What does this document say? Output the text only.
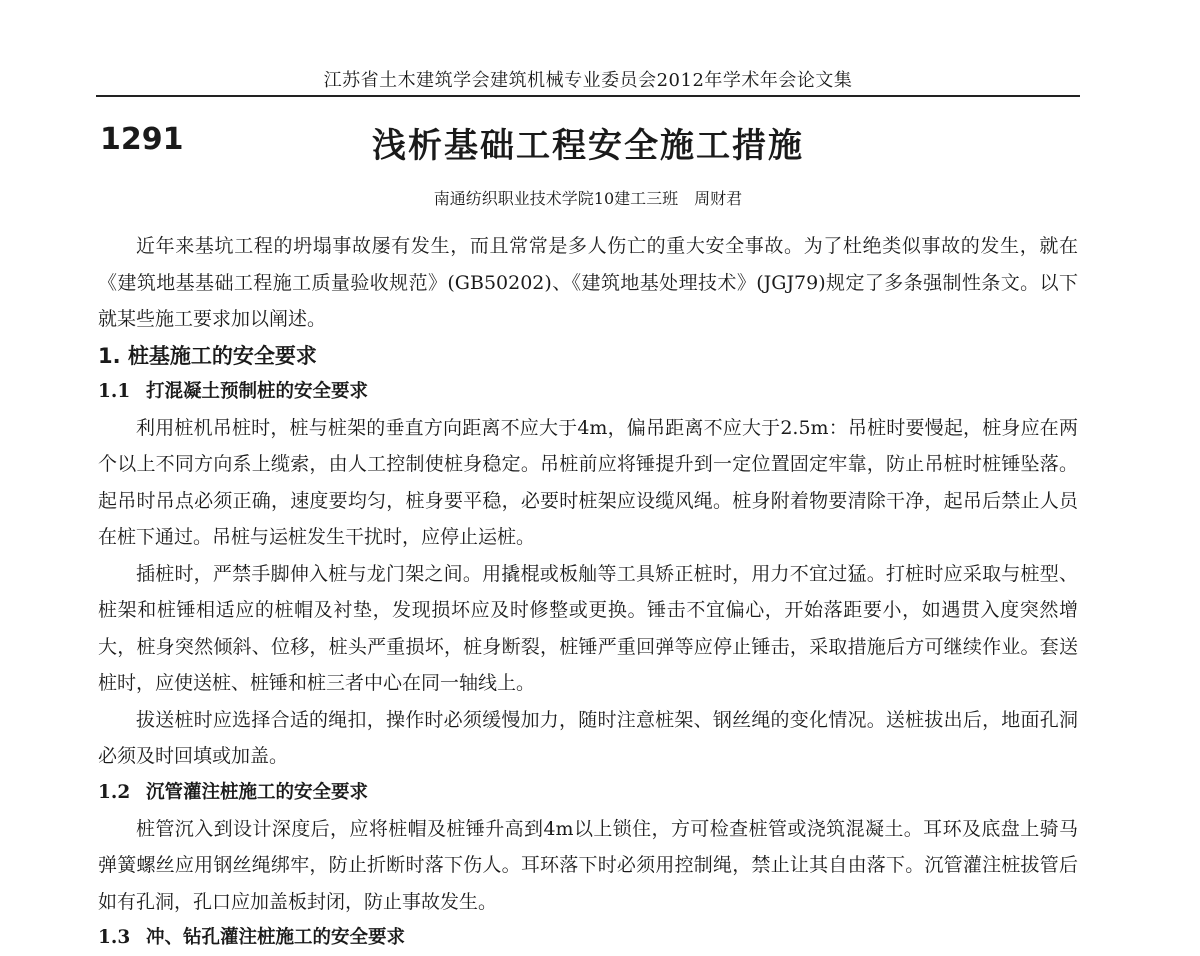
江苏省土木建筑学会建筑机械专业委员会2012年学术年会论文集
1291	浅析基础工程安全施工措施
南通纺织职业技术学院10建工三班 周财君

近年来基坑工程的坍塌事故屡有发生，而且常常是多人伤亡的重大安全事故。为了杜绝类似事故的发生，就在《建筑地基基础工程施工质量验收规范》(GB50202)、《建筑地基处理技术》(JGJ79)规定了多条强制性条文。以下就某些施工要求加以阐述。

1. 桩基施工的安全要求
1.1 打混凝土预制桩的安全要求

利用桩机吊桩时，桩与桩架的垂直方向距离不应大于4m，偏吊距离不应大于2.5m：吊桩时要慢起，桩身应在两个以上不同方向系上缆索，由人工控制使桩身稳定。吊桩前应将锤提升到一定位置固定牢靠，防止吊桩时桩锤坠落。起吊时吊点必须正确，速度要均匀，桩身要平稳，必要时桩架应设缆风绳。桩身附着物要清除干净，起吊后禁止人员在桩下通过。吊桩与运桩发生干扰时，应停止运桩。

插桩时，严禁手脚伸入桩与龙门架之间。用撬棍或板舢等工具矫正桩时，用力不宜过猛。打桩时应采取与桩型、桩架和桩锤相适应的桩帽及衬垫，发现损坏应及时修整或更换。锤击不宜偏心，开始落距要小，如遇贯入度突然增大，桩身突然倾斜、位移，桩头严重损坏，桩身断裂，桩锤严重回弹等应停止锤击，采取措施后方可继续作业。套送桩时，应使送桩、桩锤和桩三者中心在同一轴线上。

拔送桩时应选择合适的绳扣，操作时必须缓慢加力，随时注意桩架、钢丝绳的变化情况。送桩拔出后，地面孔洞必须及时回填或加盖。

1.2 沉管灌注桩施工的安全要求

桩管沉入到设计深度后，应将桩帽及桩锤升高到4m以上锁住，方可检查桩管或浇筑混凝土。耳环及底盘上骑马弹簧螺丝应用钢丝绳绑牢，防止折断时落下伤人。耳环落下时必须用控制绳，禁止让其自由落下。沉管灌注桩拔管后如有孔洞，孔口应加盖板封闭，防止事故发生。

1.3 冲、钻孔灌注桩施工的安全要求
